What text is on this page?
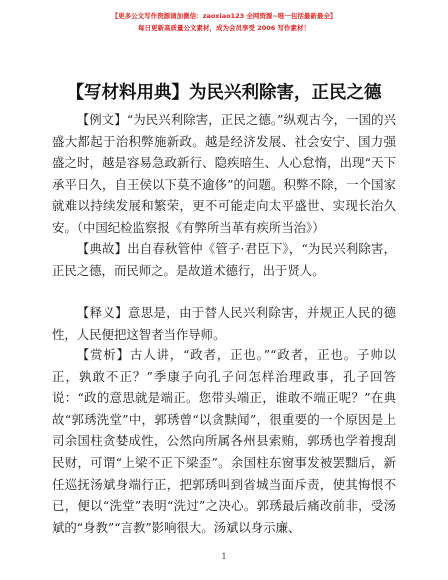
【更多公文写作资源请加微信：zaoxiao123 全网资源~唯一包括最新最全】
每日更新高质量公文素材，成为会员享受 2006 写作素材！
【写材料用典】为民兴利除害，正民之德
【例文】“为民兴利除害，正民之德。”纵观古今，一国的兴盛大都起于治积弊施新政。越是经济发展、社会安宁、国力强盛之时，越是容易急政新行、隐疾暗生、人心怠惰，出现“天下承平日久，自王侯以下莫不逾侈”的问题。积弊不除，一个国家就难以持续发展和繁荣，更不可能走向太平盛世、实现长治久安。（中国纪检监察报《有弊所当革有疾所当治》）
【典故】出自春秋管仲《管子·君臣下》，“为民兴利除害，正民之德，而民师之。是故道术德行，出于贤人。
【释义】意思是，由于替人民兴利除害，并规正人民的德性，人民便把这智者当作导师。
【赏析】古人讲，“政者，正也。”“政者，正也。子帅以正，孰敢不正？”季康子向孔子问怎样治理政事，孔子回答说：“政的意思就是端正。您带头端正，谁敢不端正呢？”在典故“郭琇洗堂”中，郭琇曾“以贪黩闻”，很重要的一个原因是上司余国柱贪婪成性，公然向所属各州县索贿，郭琇也学着搜刮民财，可谓“上梁不正下梁歪”。余国柱东窗事发被罢黜后，新任巡抚汤斌身端行正，把郭琇叫到省城当面斥责，使其悔恨不已，便以“洗堂”表明“洗过”之决心。郭琇最后痛改前非，受汤斌的“身教”“言教”影响很大。汤斌以身示廉、
1
